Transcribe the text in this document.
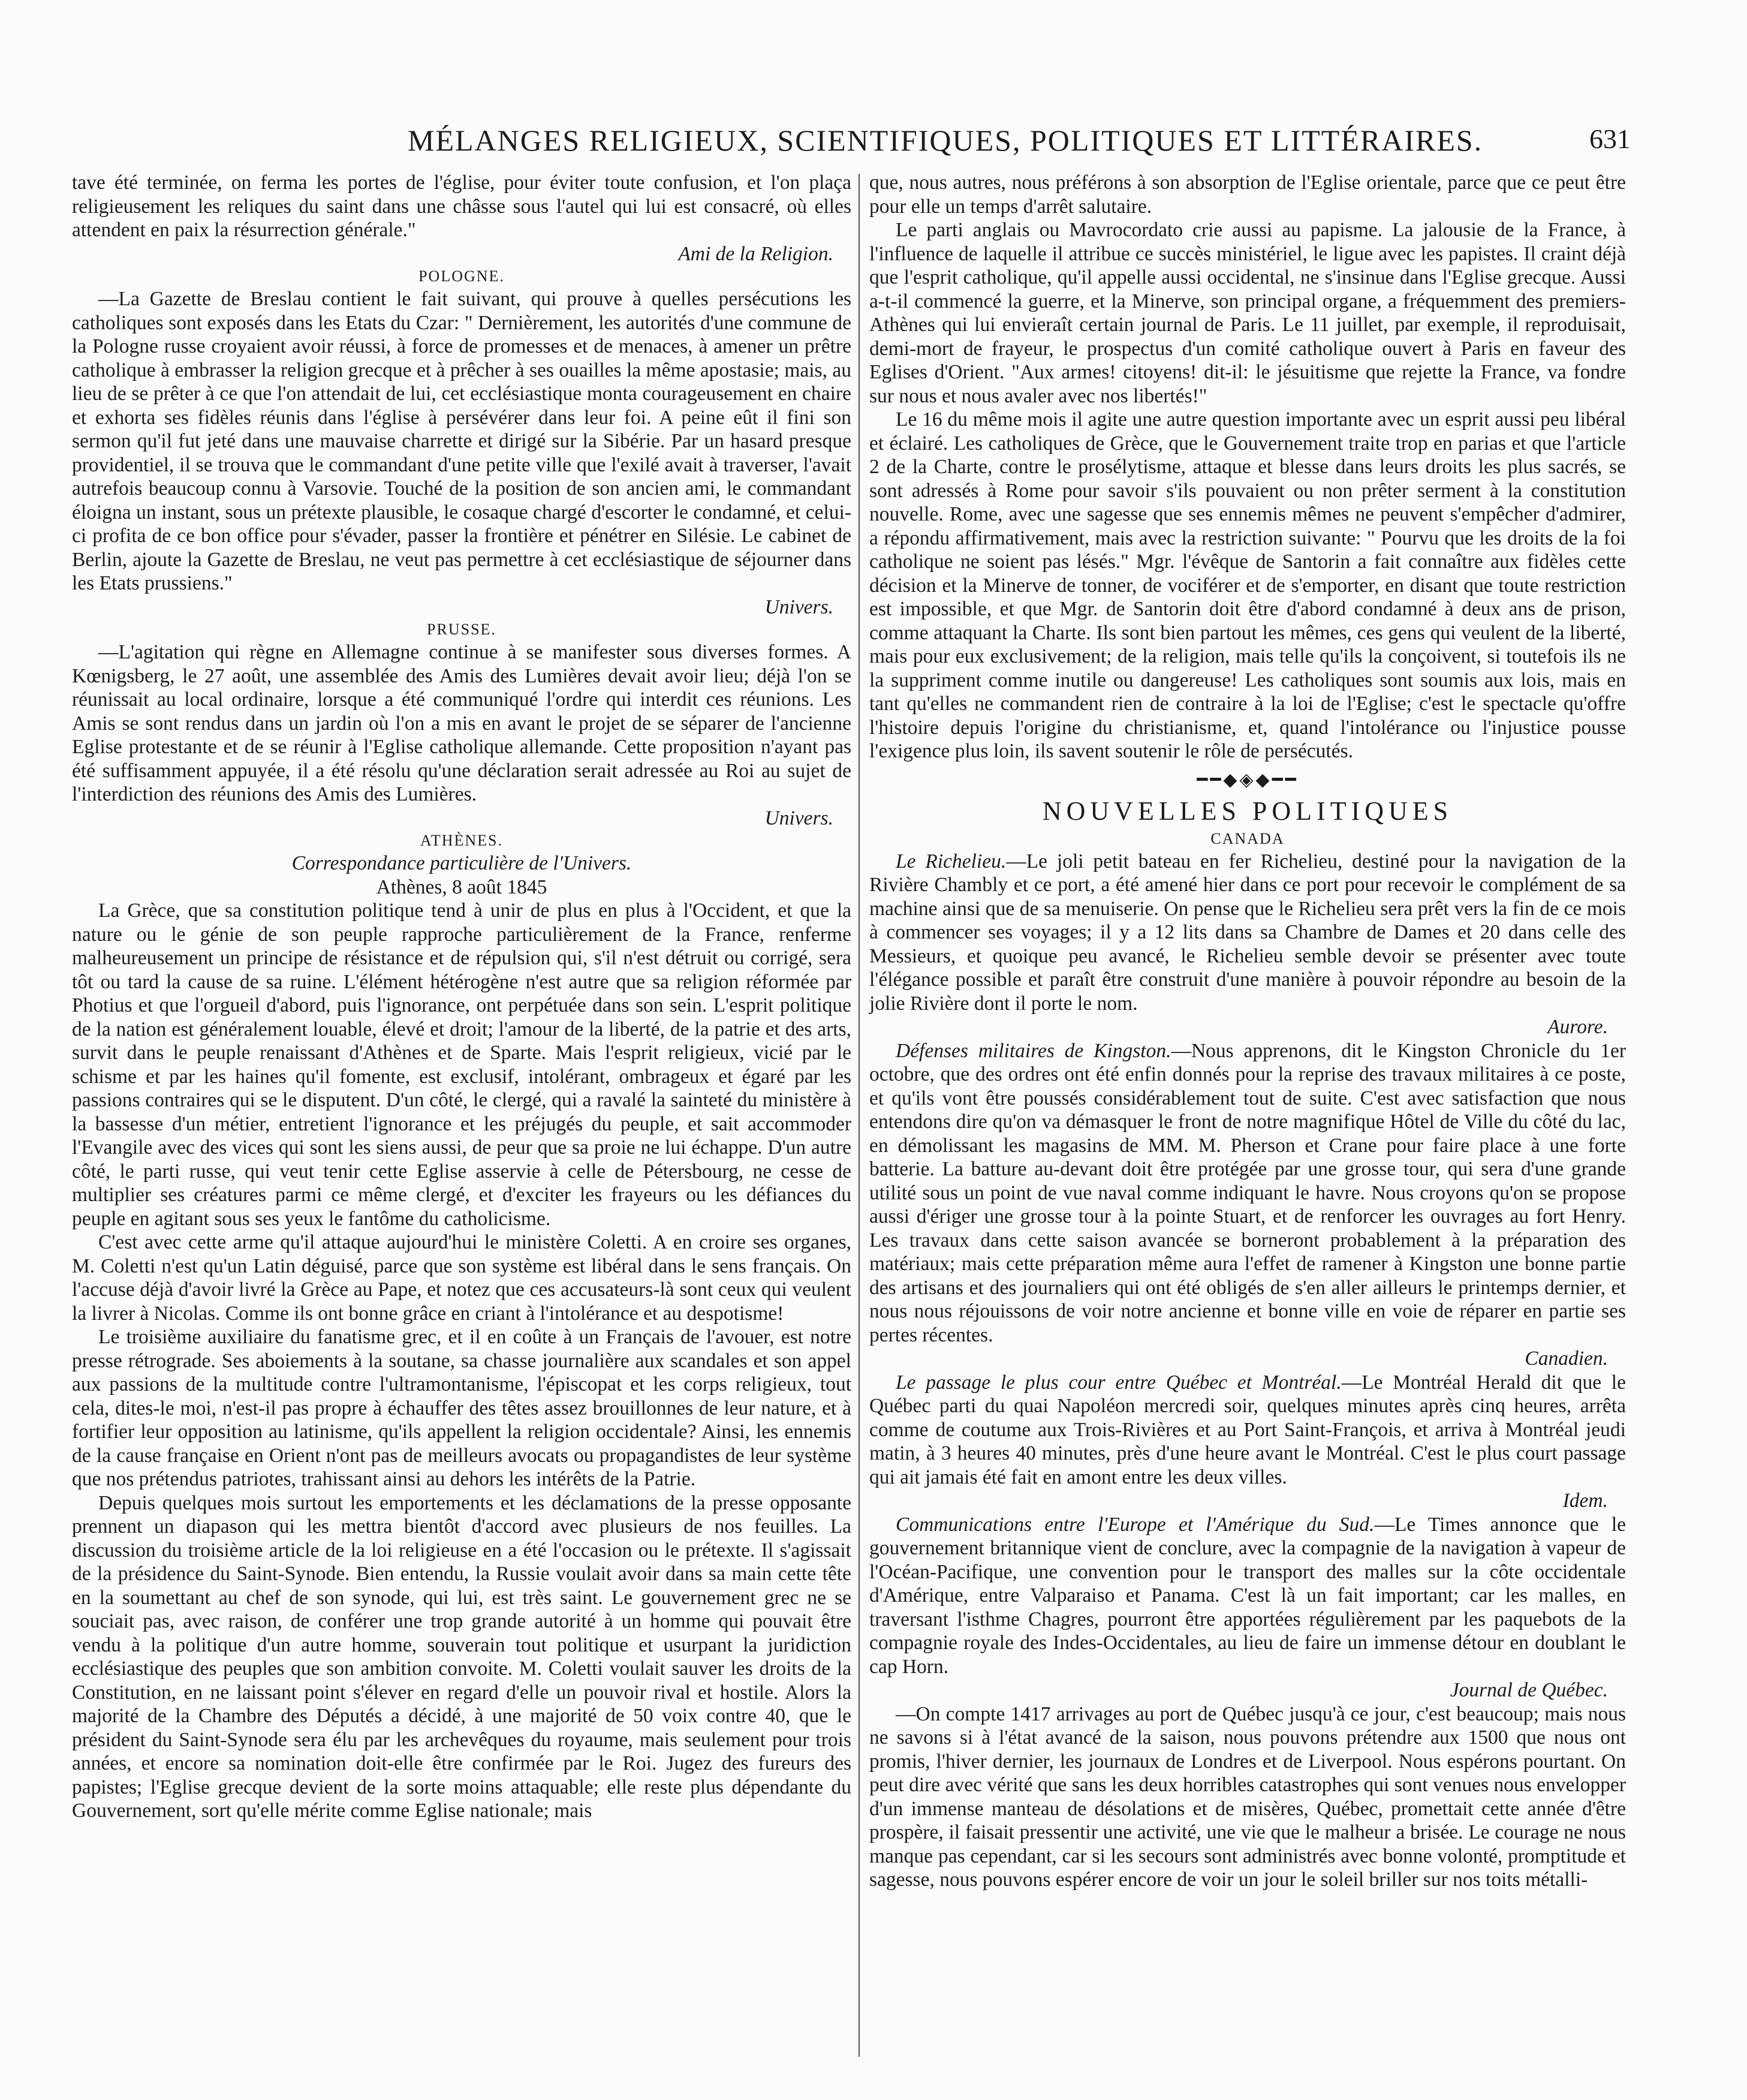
MÉLANGES RELIGIEUX, SCIENTIFIQUES, POLITIQUES ET LITTÉRAIRES.	631

tave été terminée, on ferma les portes de l'église, pour éviter toute confusion, et l'on plaça religieusement les reliques du saint dans une châsse sous l'autel qui lui est consacré, où elles attendent en paix la résurrection générale."

Ami de la Religion.
POLOGNE.

—La Gazette de Breslau contient le fait suivant, qui prouve à quelles persécutions les catholiques sont exposés dans les Etats du Czar: " Dernièrement, les autorités d'une commune de la Pologne russe croyaient avoir réussi, à force de promesses et de menaces, à amener un prêtre catholique à embrasser la religion grecque et à prêcher à ses ouailles la même apostasie; mais, au lieu de se prêter à ce que l'on attendait de lui, cet ecclésiastique monta courageusement en chaire et exhorta ses fidèles réunis dans l'église à persévérer dans leur foi. A peine eût il fini son sermon qu'il fut jeté dans une mauvaise charrette et dirigé sur la Sibérie. Par un hasard presque providentiel, il se trouva que le commandant d'une petite ville que l'exilé avait à traverser, l'avait autrefois beaucoup connu à Varsovie. Touché de la position de son ancien ami, le commandant éloigna un instant, sous un prétexte plausible, le cosaque chargé d'escorter le condamné, et celui-ci profita de ce bon office pour s'évader, passer la frontière et pénétrer en Silésie. Le cabinet de Berlin, ajoute la Gazette de Breslau, ne veut pas permettre à cet ecclésiastique de séjourner dans les Etats prussiens."

Univers.
PRUSSE.

—L'agitation qui règne en Allemagne continue à se manifester sous diverses formes. A Kœnigsberg, le 27 août, une assemblée des Amis des Lumières devait avoir lieu; déjà l'on se réunissait au local ordinaire, lorsque a été communiqué l'ordre qui interdit ces réunions. Les Amis se sont rendus dans un jardin où l'on a mis en avant le projet de se séparer de l'ancienne Eglise protestante et de se réunir à l'Eglise catholique allemande. Cette proposition n'ayant pas été suffisamment appuyée, il a été résolu qu'une déclaration serait adressée au Roi au sujet de l'interdiction des réunions des Amis des Lumières.

Univers.
ATHÈNES.
Correspondance particulière de l'Univers.
Athènes, 8 août 1845

La Grèce, que sa constitution politique tend à unir de plus en plus à l'Occident, et que la nature ou le génie de son peuple rapproche particulièrement de la France, renferme malheureusement un principe de résistance et de répulsion qui, s'il n'est détruit ou corrigé, sera tôt ou tard la cause de sa ruine. L'élément hétérogène n'est autre que sa religion réformée par Photius et que l'orgueil d'abord, puis l'ignorance, ont perpétuée dans son sein. L'esprit politique de la nation est généralement louable, élevé et droit; l'amour de la liberté, de la patrie et des arts, survit dans le peuple renaissant d'Athènes et de Sparte. Mais l'esprit religieux, vicié par le schisme et par les haines qu'il fomente, est exclusif, intolérant, ombrageux et égaré par les passions contraires qui se le disputent. D'un côté, le clergé, qui a ravalé la sainteté du ministère à la bassesse d'un métier, entretient l'ignorance et les préjugés du peuple, et sait accommoder l'Evangile avec des vices qui sont les siens aussi, de peur que sa proie ne lui échappe. D'un autre côté, le parti russe, qui veut tenir cette Eglise asservie à celle de Pétersbourg, ne cesse de multiplier ses créatures parmi ce même clergé, et d'exciter les frayeurs ou les défiances du peuple en agitant sous ses yeux le fantôme du catholicisme.

C'est avec cette arme qu'il attaque aujourd'hui le ministère Coletti. A en croire ses organes, M. Coletti n'est qu'un Latin déguisé, parce que son système est libéral dans le sens français. On l'accuse déjà d'avoir livré la Grèce au Pape, et notez que ces accusateurs-là sont ceux qui veulent la livrer à Nicolas. Comme ils ont bonne grâce en criant à l'intolérance et au despotisme!

Le troisième auxiliaire du fanatisme grec, et il en coûte à un Français de l'avouer, est notre presse rétrograde. Ses aboiements à la soutane, sa chasse journalière aux scandales et son appel aux passions de la multitude contre l'ultramontanisme, l'épiscopat et les corps religieux, tout cela, dites-le moi, n'est-il pas propre à échauffer des têtes assez brouillonnes de leur nature, et à fortifier leur opposition au latinisme, qu'ils appellent la religion occidentale? Ainsi, les ennemis de la cause française en Orient n'ont pas de meilleurs avocats ou propagandistes de leur système que nos prétendus patriotes, trahissant ainsi au dehors les intérêts de la Patrie.

Depuis quelques mois surtout les emportements et les déclamations de la presse opposante prennent un diapason qui les mettra bientôt d'accord avec plusieurs de nos feuilles. La discussion du troisième article de la loi religieuse en a été l'occasion ou le prétexte. Il s'agissait de la présidence du Saint-Synode. Bien entendu, la Russie voulait avoir dans sa main cette tête en la soumettant au chef de son synode, qui lui, est très saint. Le gouvernement grec ne se souciait pas, avec raison, de conférer une trop grande autorité à un homme qui pouvait être vendu à la politique d'un autre homme, souverain tout politique et usurpant la juridiction ecclésiastique des peuples que son ambition convoite. M. Coletti voulait sauver les droits de la Constitution, en ne laissant point s'élever en regard d'elle un pouvoir rival et hostile. Alors la majorité de la Chambre des Députés a décidé, à une majorité de 50 voix contre 40, que le président du Saint-Synode sera élu par les archevêques du royaume, mais seulement pour trois années, et encore sa nomination doit-elle être confirmée par le Roi. Jugez des fureurs des papistes; l'Eglise grecque devient de la sorte moins attaquable; elle reste plus dépendante du Gouvernement, sort qu'elle mérite comme Eglise nationale; mais

que, nous autres, nous préférons à son absorption de l'Eglise orientale, parce que ce peut être pour elle un temps d'arrêt salutaire.

Le parti anglais ou Mavrocordato crie aussi au papisme. La jalousie de la France, à l'influence de laquelle il attribue ce succès ministériel, le ligue avec les papistes. Il craint déjà que l'esprit catholique, qu'il appelle aussi occidental, ne s'insinue dans l'Eglise grecque. Aussi a-t-il commencé la guerre, et la Minerve, son principal organe, a fréquemment des premiers-Athènes qui lui envieraît certain journal de Paris. Le 11 juillet, par exemple, il reproduisait, demi-mort de frayeur, le prospectus d'un comité catholique ouvert à Paris en faveur des Eglises d'Orient. "Aux armes! citoyens! dit-il: le jésuitisme que rejette la France, va fondre sur nous et nous avaler avec nos libertés!"

Le 16 du même mois il agite une autre question importante avec un esprit aussi peu libéral et éclairé. Les catholiques de Grèce, que le Gouvernement traite trop en parias et que l'article 2 de la Charte, contre le prosélytisme, attaque et blesse dans leurs droits les plus sacrés, se sont adressés à Rome pour savoir s'ils pouvaient ou non prêter serment à la constitution nouvelle. Rome, avec une sagesse que ses ennemis mêmes ne peuvent s'empêcher d'admirer, a répondu affirmativement, mais avec la restriction suivante: " Pourvu que les droits de la foi catholique ne soient pas lésés." Mgr. l'évêque de Santorin a fait connaître aux fidèles cette décision et la Minerve de tonner, de vociférer et de s'emporter, en disant que toute restriction est impossible, et que Mgr. de Santorin doit être d'abord condamné à deux ans de prison, comme attaquant la Charte. Ils sont bien partout les mêmes, ces gens qui veulent de la liberté, mais pour eux exclusivement; de la religion, mais telle qu'ils la conçoivent, si toutefois ils ne la suppriment comme inutile ou dangereuse! Les catholiques sont soumis aux lois, mais en tant qu'elles ne commandent rien de contraire à la loi de l'Eglise; c'est le spectacle qu'offre l'histoire depuis l'origine du christianisme, et, quand l'intolérance ou l'injustice pousse l'exigence plus loin, ils savent soutenir le rôle de persécutés.

━━◆◈◆━━
NOUVELLES POLITIQUES
CANADA

Le Richelieu.—Le joli petit bateau en fer Richelieu, destiné pour la navigation de la Rivière Chambly et ce port, a été amené hier dans ce port pour recevoir le complément de sa machine ainsi que de sa menuiserie. On pense que le Richelieu sera prêt vers la fin de ce mois à commencer ses voyages; il y a 12 lits dans sa Chambre de Dames et 20 dans celle des Messieurs, et quoique peu avancé, le Richelieu semble devoir se présenter avec toute l'élégance possible et paraît être construit d'une manière à pouvoir répondre au besoin de la jolie Rivière dont il porte le nom.

Aurore.

Défenses militaires de Kingston.—Nous apprenons, dit le Kingston Chronicle du 1er octobre, que des ordres ont été enfin donnés pour la reprise des travaux militaires à ce poste, et qu'ils vont être poussés considérablement tout de suite. C'est avec satisfaction que nous entendons dire qu'on va démasquer le front de notre magnifique Hôtel de Ville du côté du lac, en démolissant les magasins de MM. M. Pherson et Crane pour faire place à une forte batterie. La batture au-devant doit être protégée par une grosse tour, qui sera d'une grande utilité sous un point de vue naval comme indiquant le havre. Nous croyons qu'on se propose aussi d'ériger une grosse tour à la pointe Stuart, et de renforcer les ouvrages au fort Henry. Les travaux dans cette saison avancée se borneront probablement à la préparation des matériaux; mais cette préparation même aura l'effet de ramener à Kingston une bonne partie des artisans et des journaliers qui ont été obligés de s'en aller ailleurs le printemps dernier, et nous nous réjouissons de voir notre ancienne et bonne ville en voie de réparer en partie ses pertes récentes.

Canadien.

Le passage le plus cour entre Québec et Montréal.—Le Montréal Herald dit que le Québec parti du quai Napoléon mercredi soir, quelques minutes après cinq heures, arrêta comme de coutume aux Trois-Rivières et au Port Saint-François, et arriva à Montréal jeudi matin, à 3 heures 40 minutes, près d'une heure avant le Montréal. C'est le plus court passage qui ait jamais été fait en amont entre les deux villes.

Idem.

Communications entre l'Europe et l'Amérique du Sud.—Le Times annonce que le gouvernement britannique vient de conclure, avec la compagnie de la navigation à vapeur de l'Océan-Pacifique, une convention pour le transport des malles sur la côte occidentale d'Amérique, entre Valparaiso et Panama. C'est là un fait important; car les malles, en traversant l'isthme Chagres, pourront être apportées régulièrement par les paquebots de la compagnie royale des Indes-Occidentales, au lieu de faire un immense détour en doublant le cap Horn.

Journal de Québec.

—On compte 1417 arrivages au port de Québec jusqu'à ce jour, c'est beaucoup; mais nous ne savons si à l'état avancé de la saison, nous pouvons prétendre aux 1500 que nous ont promis, l'hiver dernier, les journaux de Londres et de Liverpool. Nous espérons pourtant. On peut dire avec vérité que sans les deux horribles catastrophes qui sont venues nous envelopper d'un immense manteau de désolations et de misères, Québec, promettait cette année d'être prospère, il faisait pressentir une activité, une vie que le malheur a brisée. Le courage ne nous manque pas cependant, car si les secours sont administrés avec bonne volonté, promptitude et sagesse, nous pouvons espérer encore de voir un jour le soleil briller sur nos toits métalli-
